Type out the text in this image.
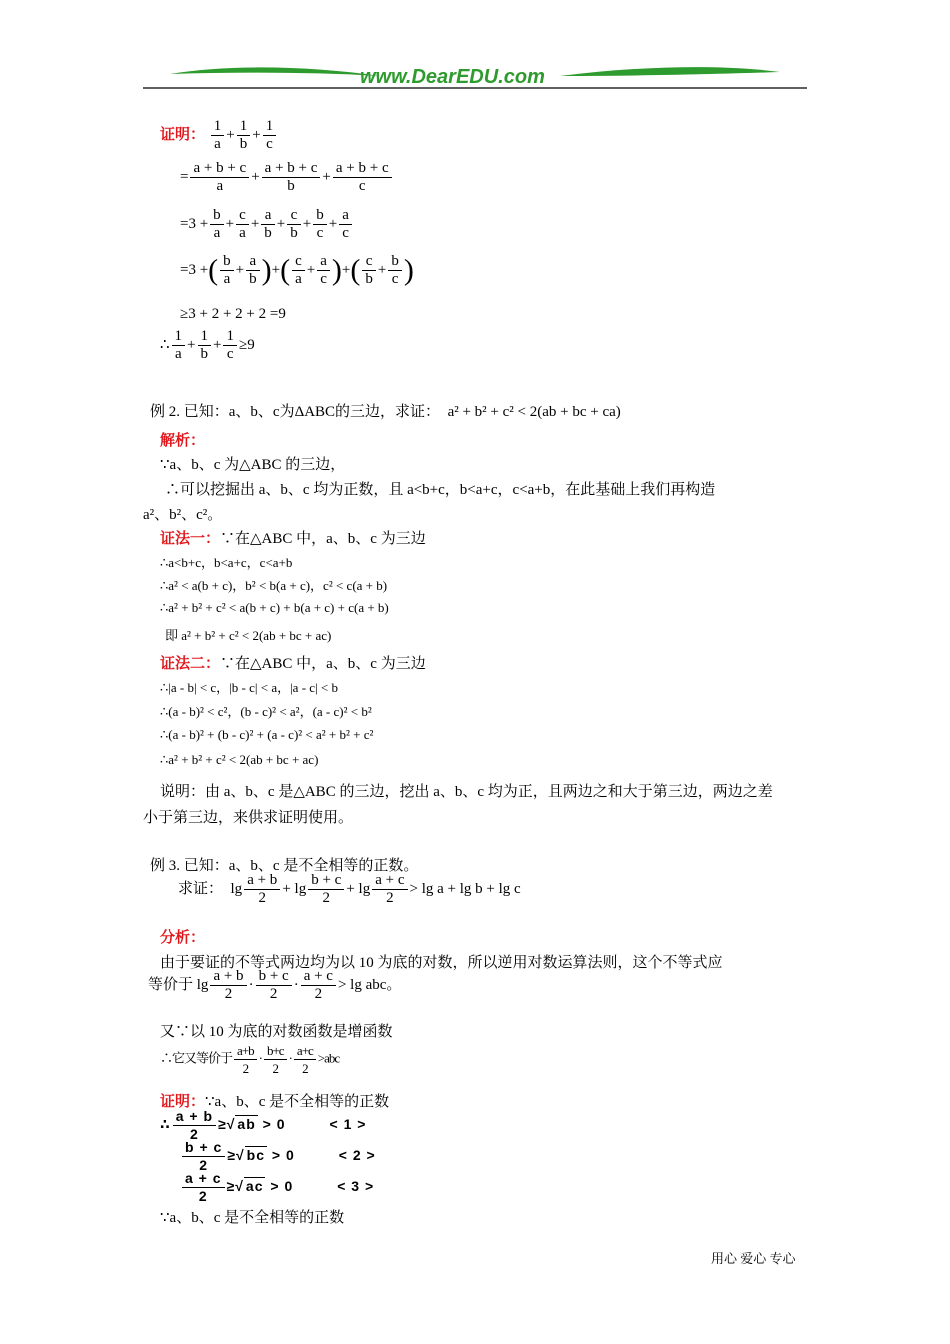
www.DearEDU.com
证明： $\frac{1}{a} + \frac{1}{b} + \frac{1}{c}$
= $\frac{a + b + c}{a} + \frac{a + b + c}{b} + \frac{a + b + c}{c}$
$=3 + \frac{b}{a} + \frac{c}{a} + \frac{a}{b} + \frac{c}{b} + \frac{b}{c} + \frac{a}{c}$
=3 +( $\frac{b}{a} + \frac{a}{b}$ )+( $\frac{c}{a} + \frac{a}{c}$ )+( $\frac{c}{b} + \frac{b}{c}$ )
≥3 + 2 + 2 + 2 =9
∴ $\frac{1}{a} + \frac{1}{b} + \frac{1}{c} \ge 9$
例 2. 已知：a、b、c为ΔABC的三边，求证： a² + b² + c² < 2(ab + bc + ca)
解析：
∵a、b、c 为△ABC 的三边，
∴可以挖掘出 a、b、c 均为正数，且 a<b+c，b<a+c，c<a+b，在此基础上我们再构造
a²、b²、c²。
证法一：∵在△ABC 中，a、b、c 为三边
∴a<b+c，b<a+c，c<a+b
∴a² < a(b + c)，b² < b(a + c)，c² < c(a + b)
∴a² + b² + c² < a(b + c) + b(a + c) + c(a + b)
即 a² + b² + c² < 2(ab + bc + ac)
证法二：∵在△ABC 中，a、b、c 为三边
∴|a - b| < c，|b - c| < a，|a - c| < b
∴(a - b)² < c²，(b - c)² < a²，(a - c)² < b²
∴(a - b)² + (b - c)² + (a - c)² < a² + b² + c²
∴a² + b² + c² < 2(ab + bc + ac)
说明：由 a、b、c 是△ABC 的三边，挖出 a、b、c 均为正，且两边之和大于第三边，两边之差
小于第三边，来供求证明使用。
例 3. 已知：a、b、c 是不全相等的正数。
求证：  $\lg \frac{a + b}{2} + \lg \frac{b + c}{2} + \lg \frac{a + c}{2} > \lg a + \lg b + \lg c$
分析：
由于要证的不等式两边均为以 10 为底的对数，所以逆用对数运算法则，这个不等式应
等价于 $\lg \frac{a + b}{2} \cdot \frac{b + c}{2} \cdot \frac{a + c}{2} > \lg$ abc。
又∵以 10 为底的对数函数是增函数
∴它又等价于 $\frac{a+b}{2} \cdot \frac{b+c}{2} \cdot \frac{a+c}{2} >abc$
证明：∵a、b、c 是不全相等的正数
∴ $\frac{a + b}{2}$ ≥√ ab > 0         < 1 >
$\frac{b + c}{2}$ ≥√ bc > 0         < 2 >
$\frac{a + c}{2}$ ≥√ ac > 0         < 3 >
∵a、b、c 是不全相等的正数
用心 爱心 专心
